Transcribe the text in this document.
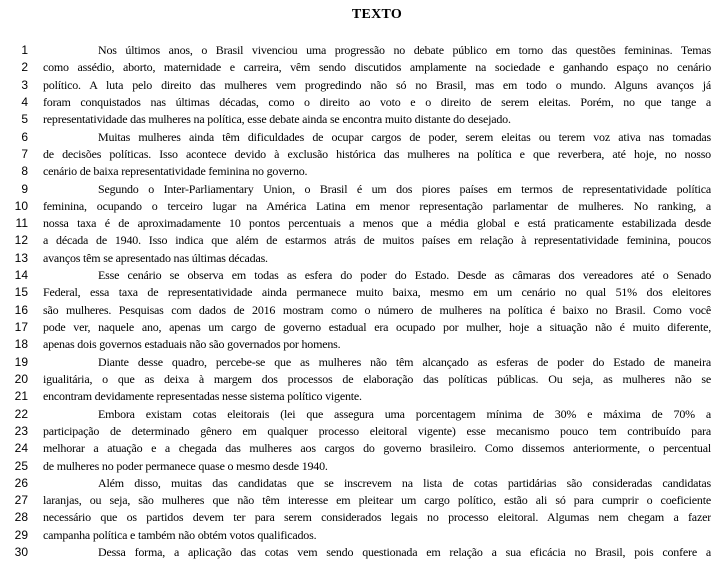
TEXTO
1	Nos últimos anos, o Brasil vivenciou uma progressão no debate público em torno das questões femininas. Temas
2 como assédio, aborto, maternidade e carreira, vêm sendo discutidos amplamente na sociedade e ganhando espaço no cenário
3 político. A luta pelo direito das mulheres vem progredindo não só no Brasil, mas em todo o mundo. Alguns avanços já
4 foram conquistados nas últimas décadas, como o direito ao voto e o direito de serem eleitas. Porém, no que tange a
5 representatividade das mulheres na política, esse debate ainda se encontra muito distante do desejado.
6	Muitas mulheres ainda têm dificuldades de ocupar cargos de poder, serem eleitas ou terem voz ativa nas tomadas
7 de decisões políticas. Isso acontece devido à exclusão histórica das mulheres na política e que reverbera, até hoje, no nosso
8 cenário de baixa representatividade feminina no governo.
9	Segundo o Inter-Parliamentary Union, o Brasil é um dos piores países em termos de representatividade política
10 feminina, ocupando o terceiro lugar na América Latina em menor representação parlamentar de mulheres. No ranking, a
11 nossa taxa é de aproximadamente 10 pontos percentuais a menos que a média global e está praticamente estabilizada desde
12 a década de 1940. Isso indica que além de estarmos atrás de muitos países em relação à representatividade feminina, poucos
13 avanços têm se apresentado nas últimas décadas.
14	Esse cenário se observa em todas as esfera do poder do Estado. Desde as câmaras dos vereadores até o Senado
15 Federal, essa taxa de representatividade ainda permanece muito baixa, mesmo em um cenário no qual 51% dos eleitores
16 são mulheres. Pesquisas com dados de 2016 mostram como o número de mulheres na política é baixo no Brasil. Como você
17 pode ver, naquele ano, apenas um cargo de governo estadual era ocupado por mulher, hoje a situação não é muito diferente,
18 apenas dois governos estaduais não são governados por homens.
19	Diante desse quadro, percebe-se que as mulheres não têm alcançado as esferas de poder do Estado de maneira
20 igualitária, o que as deixa à margem dos processos de elaboração das políticas públicas. Ou seja, as mulheres não se
21 encontram devidamente representadas nesse sistema político vigente.
22	Embora existam cotas eleitorais (lei que assegura uma porcentagem mínima de 30% e máxima de 70% a
23 participação de determinado gênero em qualquer processo eleitoral vigente) esse mecanismo pouco tem contribuído para
24 melhorar a atuação e a chegada das mulheres aos cargos do governo brasileiro. Como dissemos anteriormente, o percentual
25 de mulheres no poder permanece quase o mesmo desde 1940.
26	Além disso, muitas das candidatas que se inscrevem na lista de cotas partidárias são consideradas candidatas
27 laranjas, ou seja, são mulheres que não têm interesse em pleitear um cargo político, estão ali só para cumprir o coeficiente
28 necessário que os partidos devem ter para serem considerados legais no processo eleitoral. Algumas nem chegam a fazer
29 campanha política e também não obtém votos qualificados.
30	Dessa forma, a aplicação das cotas vem sendo questionada em relação a sua eficácia no Brasil, pois confere a
